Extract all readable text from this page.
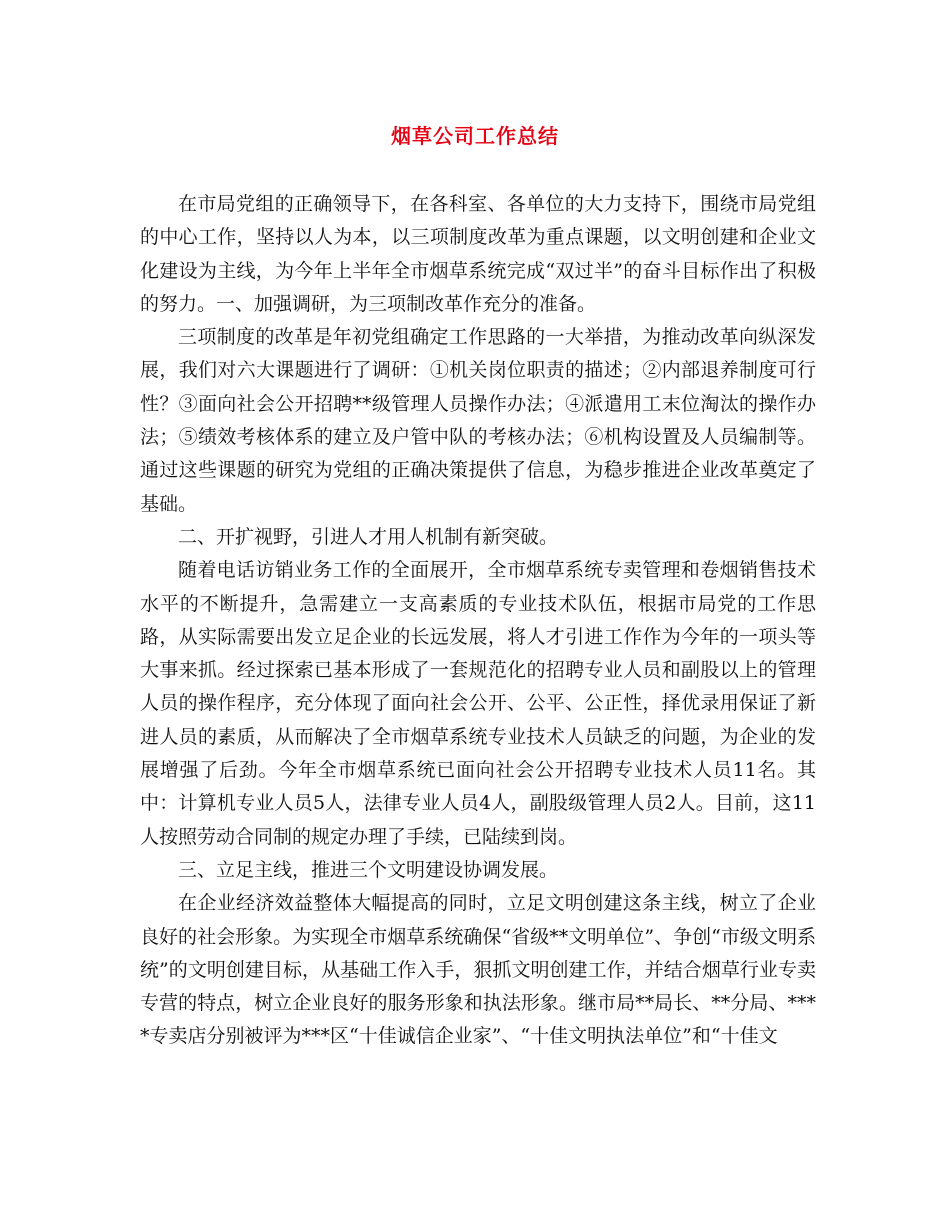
烟草公司工作总结

在市局党组的正确领导下，在各科室、各单位的大力支持下，围绕市局党组的中心工作，坚持以人为本，以三项制度改革为重点课题，以文明创建和企业文化建设为主线，为今年上半年全市烟草系统完成“双过半”的奋斗目标作出了积极的努力。一、加强调研，为三项制改革作充分的准备。

三项制度的改革是年初党组确定工作思路的一大举措，为推动改革向纵深发展，我们对六大课题进行了调研：①机关岗位职责的描述；②内部退养制度可行性？③面向社会公开招聘**级管理人员操作办法；④派遣用工末位淘汰的操作办法；⑤绩效考核体系的建立及户管中队的考核办法；⑥机构设置及人员编制等。通过这些课题的研究为党组的正确决策提供了信息，为稳步推进企业改革奠定了基础。

二、开扩视野，引进人才用人机制有新突破。

随着电话访销业务工作的全面展开，全市烟草系统专卖管理和卷烟销售技术水平的不断提升，急需建立一支高素质的专业技术队伍，根据市局党的工作思路，从实际需要出发立足企业的长远发展，将人才引进工作作为今年的一项头等大事来抓。经过探索已基本形成了一套规范化的招聘专业人员和副股以上的管理人员的操作程序，充分体现了面向社会公开、公平、公正性，择优录用保证了新进人员的素质，从而解决了全市烟草系统专业技术人员缺乏的问题，为企业的发展增强了后劲。今年全市烟草系统已面向社会公开招聘专业技术人员11名。其中：计算机专业人员5人，法律专业人员4人，副股级管理人员2人。目前，这11人按照劳动合同制的规定办理了手续，已陆续到岗。

三、立足主线，推进三个文明建设协调发展。

在企业经济效益整体大幅提高的同时，立足文明创建这条主线，树立了企业良好的社会形象。为实现全市烟草系统确保“省级**文明单位”、争创“市级文明系统”的文明创建目标，从基础工作入手，狠抓文明创建工作，并结合烟草行业专卖专营的特点，树立企业良好的服务形象和执法形象。继市局**局长、**分局、****专卖店分别被评为***区“十佳诚信企业家”、“十佳文明执法单位”和“十佳文
